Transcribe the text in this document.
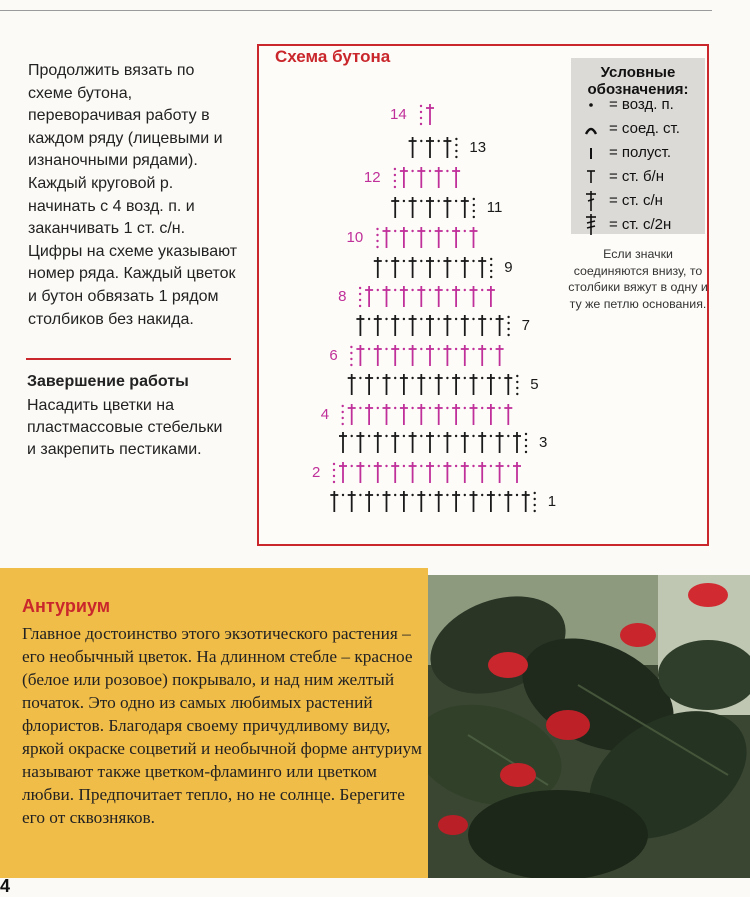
Продолжить вязать по схеме бутона, переворачивая работу в каждом ряду (лицевыми и изнаночными рядами). Каждый круговой р. начинать с 4 возд. п. и заканчивать 1 ст. с/н. Цифры на схеме указывают номер ряда. Каждый цветок и бутон обвязать 1 рядом столбиков без накида.

Завершение работы

Насадить цветки на пластмассовые стебельки и закрепить пестиками.

Схема бутона

Условные обозначения:

= возд. п.
= соед. ст.
= полуст.
= ст. б/н
= ст. с/н
= ст. с/2н

Если значки соединяются внизу, то столбики вяжут в одну и ту же петлю основания.

1
2
3
4
5
6
7
8
9
10
11
12
13
14

Антуриум

Главное достоинство этого экзотического растения – его необычный цветок. На длинном стебле – красное (белое или розовое) покрывало, и над ним желтый початок. Это одно из самых любимых растений флористов. Благодаря своему причудливому виду, яркой окраске соцветий и необычной форме антуриум называют также цветком-фламинго или цветком любви. Предпочитает тепло, но не солнце. Берегите его от сквозняков.

4
